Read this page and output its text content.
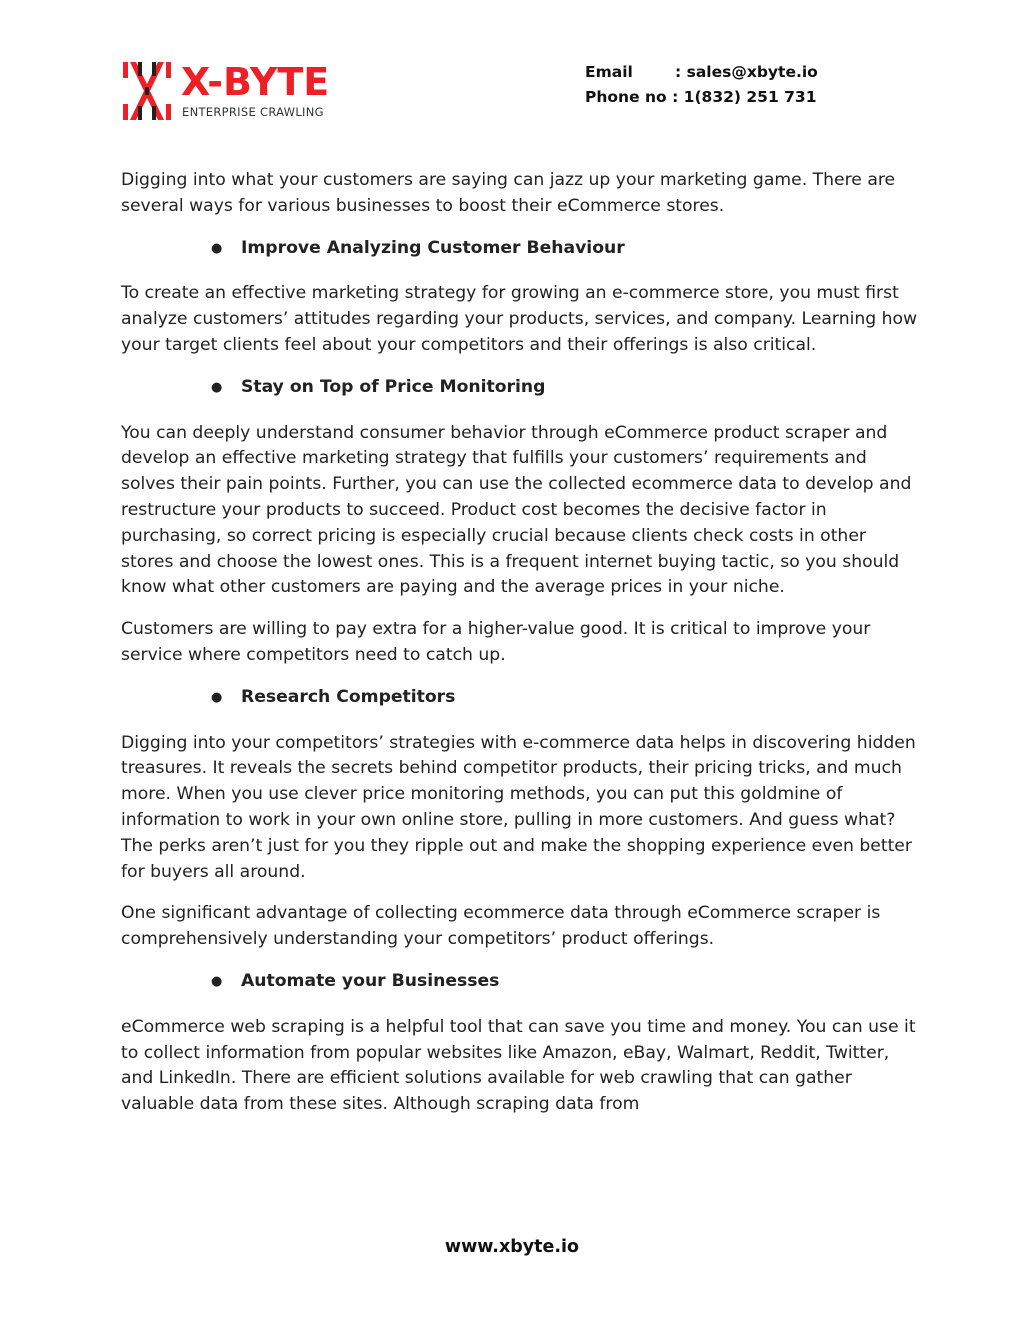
X-BYTE
ENTERPRISE CRAWLING
Email	: sales@xbyte.io
Phone no : 1(832) 251 731

Digging into what your customers are saying can jazz up your marketing game. There are several ways for various businesses to boost their eCommerce stores.

● Improve Analyzing Customer Behaviour

To create an effective marketing strategy for growing an e-commerce store, you must first analyze customers’ attitudes regarding your products, services, and company. Learning how your target clients feel about your competitors and their offerings is also critical.

● Stay on Top of Price Monitoring

You can deeply understand consumer behavior through eCommerce product scraper and develop an effective marketing strategy that fulfills your customers’ requirements and solves their pain points. Further, you can use the collected ecommerce data to develop and restructure your products to succeed. Product cost becomes the decisive factor in purchasing, so correct pricing is especially crucial because clients check costs in other stores and choose the lowest ones. This is a frequent internet buying tactic, so you should know what other customers are paying and the average prices in your niche.

Customers are willing to pay extra for a higher-value good. It is critical to improve your service where competitors need to catch up.

● Research Competitors

Digging into your competitors’ strategies with e-commerce data helps in discovering hidden treasures. It reveals the secrets behind competitor products, their pricing tricks, and much more. When you use clever price monitoring methods, you can put this goldmine of information to work in your own online store, pulling in more customers. And guess what? The perks aren’t just for you they ripple out and make the shopping experience even better for buyers all around.

One significant advantage of collecting ecommerce data through eCommerce scraper is comprehensively understanding your competitors’ product offerings.

● Automate your Businesses

eCommerce web scraping is a helpful tool that can save you time and money. You can use it to collect information from popular websites like Amazon, eBay, Walmart, Reddit, Twitter, and LinkedIn. There are efficient solutions available for web crawling that can gather valuable data from these sites. Although scraping data from

www.xbyte.io
